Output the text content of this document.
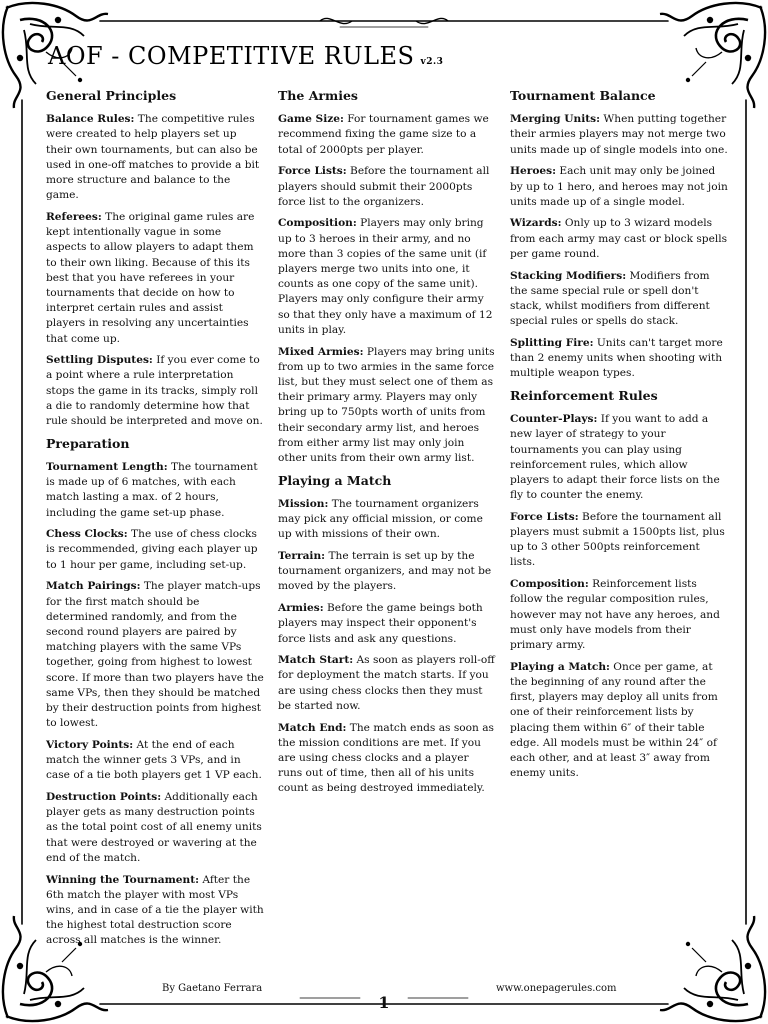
AOF - COMPETITIVE RULES v2.3
General Principles

Balance Rules: The competitive rules were created to help players set up their own tournaments, but can also be used in one-off matches to provide a bit more structure and balance to the game.

Referees: The original game rules are kept intentionally vague in some aspects to allow players to adapt them to their own liking. Because of this its best that you have referees in your tournaments that decide on how to interpret certain rules and assist players in resolving any uncertainties that come up.

Settling Disputes: If you ever come to a point where a rule interpretation stops the game in its tracks, simply roll a die to randomly determine how that rule should be interpreted and move on.

Preparation

Tournament Length: The tournament is made up of 6 matches, with each match lasting a max. of 2 hours, including the game set-up phase.

Chess Clocks: The use of chess clocks is recommended, giving each player up to 1 hour per game, including set-up.

Match Pairings: The player match-ups for the first match should be determined randomly, and from the second round players are paired by matching players with the same VPs together, going from highest to lowest score. If more than two players have the same VPs, then they should be matched by their destruction points from highest to lowest.

Victory Points: At the end of each match the winner gets 3 VPs, and in case of a tie both players get 1 VP each.

Destruction Points: Additionally each player gets as many destruction points as the total point cost of all enemy units that were destroyed or wavering at the end of the match.

Winning the Tournament: After the 6th match the player with most VPs wins, and in case of a tie the player with the highest total destruction score across all matches is the winner.

The Armies

Game Size: For tournament games we recommend fixing the game size to a total of 2000pts per player.

Force Lists: Before the tournament all players should submit their 2000pts force list to the organizers.

Composition: Players may only bring up to 3 heroes in their army, and no more than 3 copies of the same unit (if players merge two units into one, it counts as one copy of the same unit). Players may only configure their army so that they only have a maximum of 12 units in play.

Mixed Armies: Players may bring units from up to two armies in the same force list, but they must select one of them as their primary army. Players may only bring up to 750pts worth of units from their secondary army list, and heroes from either army list may only join other units from their own army list.

Playing a Match

Mission: The tournament organizers may pick any official mission, or come up with missions of their own.

Terrain: The terrain is set up by the tournament organizers, and may not be moved by the players.

Armies: Before the game beings both players may inspect their opponent's force lists and ask any questions.

Match Start: As soon as players roll-off for deployment the match starts. If you are using chess clocks then they must be started now.

Match End: The match ends as soon as the mission conditions are met. If you are using chess clocks and a player runs out of time, then all of his units count as being destroyed immediately.

Tournament Balance

Merging Units: When putting together their armies players may not merge two units made up of single models into one.

Heroes: Each unit may only be joined by up to 1 hero, and heroes may not join units made up of a single model.

Wizards: Only up to 3 wizard models from each army may cast or block spells per game round.

Stacking Modifiers: Modifiers from the same special rule or spell don't stack, whilst modifiers from different special rules or spells do stack.

Splitting Fire: Units can't target more than 2 enemy units when shooting with multiple weapon types.

Reinforcement Rules

Counter-Plays: If you want to add a new layer of strategy to your tournaments you can play using reinforcement rules, which allow players to adapt their force lists on the fly to counter the enemy.

Force Lists: Before the tournament all players must submit a 1500pts list, plus up to 3 other 500pts reinforcement lists.

Composition: Reinforcement lists follow the regular composition rules, however may not have any heroes, and must only have models from their primary army.

Playing a Match: Once per game, at the beginning of any round after the first, players may deploy all units from one of their reinforcement lists by placing them within 6″ of their table edge. All models must be within 24″ of each other, and at least 3″ away from enemy units.

By Gaetano Ferrara	www.onepagerules.com
1
